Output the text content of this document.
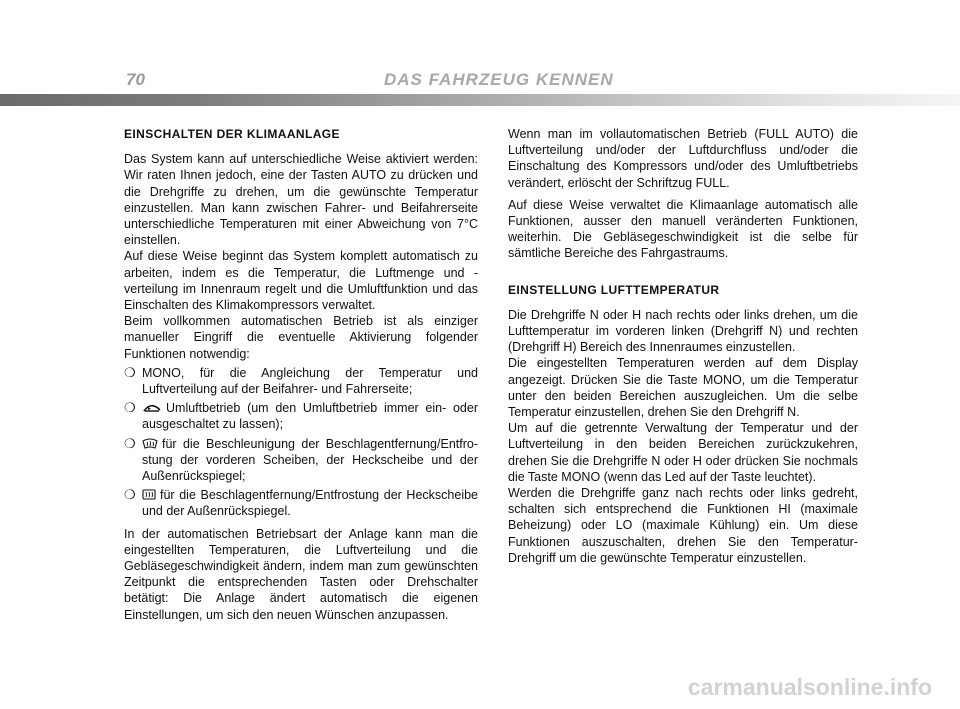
70	DAS FAHRZEUG KENNEN
EINSCHALTEN DER KLIMAANLAGE

Das System kann auf unterschiedliche Weise aktiviert werden: Wir raten Ihnen jedoch, eine der Tasten AUTO zu drücken und die Drehgriffe zu drehen, um die gewünschte Temperatur einzustellen. Man kann zwischen Fahrer- und Beifahrerseite unterschiedliche Temperaturen mit einer Abweichung von 7°C einstellen.

Auf diese Weise beginnt das System komplett automatisch zu arbeiten, indem es die Temperatur, die Luftmenge und -verteilung im Innenraum regelt und die Umluftfunktion und das Einschalten des Klimakompressors verwaltet.

Beim vollkommen automatischen Betrieb ist als einziger manueller Eingriff die eventuelle Aktivierung folgender Funktionen notwendig:

❍ MONO, für die Angleichung der Temperatur und Luftverteilung auf der Beifahrer- und Fahrerseite;
❍	Umluftbetrieb (um den Umluftbetrieb immer ein- oder ausgeschaltet zu lassen);
❍	für die Beschleunigung der Beschlagentfernung/Entfrostung der vorderen Scheiben, der Heckscheibe und der Außenrückspiegel;
❍	für die Beschlagentfernung/Entfrostung der Heckscheibe und der Außenrückspiegel.

In der automatischen Betriebsart der Anlage kann man die eingestellten Temperaturen, die Luftverteilung und die Gebläsegeschwindigkeit ändern, indem man zum gewünschten Zeitpunkt die entsprechenden Tasten oder Drehschalter betätigt: Die Anlage ändert automatisch die eigenen Einstellungen, um sich den neuen Wünschen anzupassen.

Wenn man im vollautomatischen Betrieb (FULL AUTO) die Luftverteilung und/oder der Luftdurchfluss und/oder die Einschaltung des Kompressors und/oder des Umluftbetriebs verändert, erlöscht der Schriftzug FULL.

Auf diese Weise verwaltet die Klimaanlage automatisch alle Funktionen, ausser den manuell veränderten Funktionen, weiterhin. Die Gebläsegeschwindigkeit ist die selbe für sämtliche Bereiche des Fahrgastraums.

EINSTELLUNG LUFTTEMPERATUR

Die Drehgriffe N oder H nach rechts oder links drehen, um die Lufttemperatur im vorderen linken (Drehgriff N) und rechten (Drehgriff H) Bereich des Innenraumes einzustellen.

Die eingestellten Temperaturen werden auf dem Display angezeigt. Drücken Sie die Taste MONO, um die Temperatur unter den beiden Bereichen auszugleichen. Um die selbe Temperatur einzustellen, drehen Sie den Drehgriff N.

Um auf die getrennte Verwaltung der Temperatur und der Luftverteilung in den beiden Bereichen zurückzukehren, drehen Sie die Drehgriffe N oder H oder drücken Sie nochmals die Taste MONO (wenn das Led auf der Taste leuchtet).

Werden die Drehgriffe ganz nach rechts oder links gedreht, schalten sich entsprechend die Funktionen HI (maximale Beheizung) oder LO (maximale Kühlung) ein. Um diese Funktionen auszuschalten, drehen Sie den Temperatur-Drehgriff um die gewünschte Temperatur einzustellen.

carmanualsonline.info
